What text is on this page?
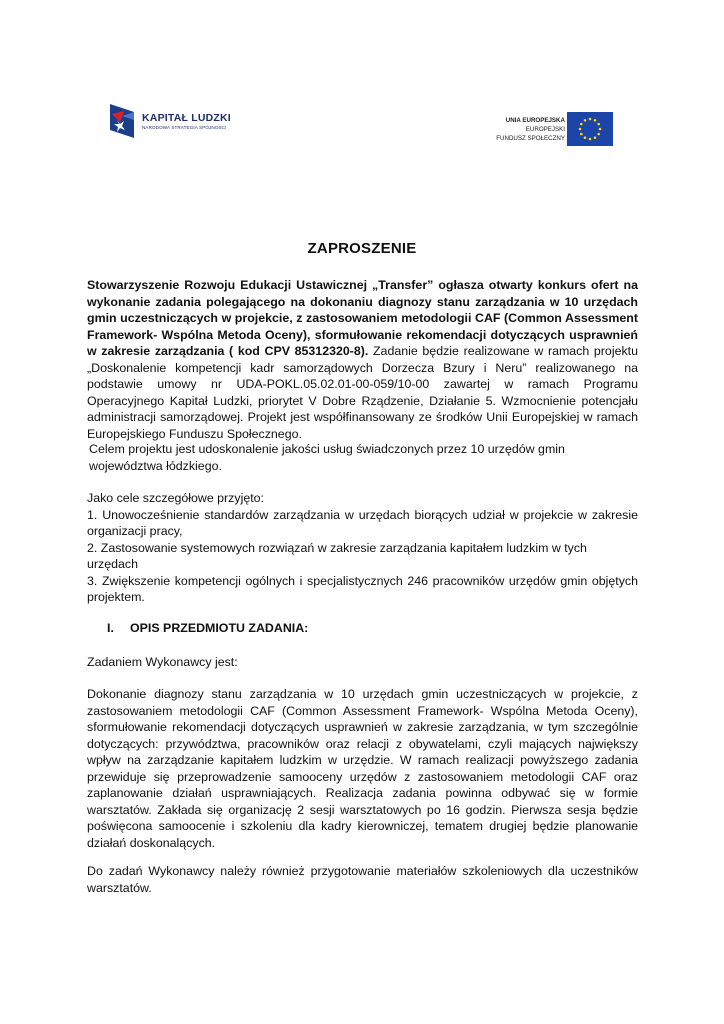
KAPITAŁ LUDZKI
NARODOWA STRATEGIA SPÓJNOŚCI
UNIA EUROPEJSKA
EUROPEJSKI
FUNDUSZ SPOŁECZNY
ZAPROSZENIE
Stowarzyszenie Rozwoju Edukacji Ustawicznej „Transfer” ogłasza otwarty konkurs ofert na wykonanie zadania polegającego na dokonaniu diagnozy stanu zarządzania w 10 urzędach gmin uczestniczących w projekcie, z zastosowaniem metodologii CAF (Common Assessment Framework- Wspólna Metoda Oceny), sformułowanie rekomendacji dotyczących usprawnień w zakresie zarządzania ( kod CPV 85312320-8). Zadanie będzie realizowane w ramach projektu „Doskonalenie kompetencji kadr samorządowych Dorzecza Bzury i Neru” realizowanego na podstawie umowy nr UDA-POKL.05.02.01-00-059/10-00 zawartej w ramach Programu Operacyjnego Kapitał Ludzki, priorytet V Dobre Rządzenie, Działanie 5. Wzmocnienie potencjału administracji samorządowej. Projekt jest współfinansowany ze środków Unii Europejskiej w ramach Europejskiego Funduszu Społecznego.
Celem projektu jest udoskonalenie jakości usług świadczonych przez 10 urzędów gmin województwa łódzkiego.
Jako cele szczegółowe przyjęto:
1. Unowocześnienie standardów zarządzania w urzędach biorących udział w projekcie w zakresie organizacji pracy,
2. Zastosowanie systemowych rozwiązań w zakresie zarządzania kapitałem ludzkim w tych urzędach
3. Zwiększenie kompetencji ogólnych i specjalistycznych 246 pracowników urzędów gmin objętych projektem.
I. OPIS PRZEDMIOTU ZADANIA:
Zadaniem Wykonawcy jest:
Dokonanie diagnozy stanu zarządzania w 10 urzędach gmin uczestniczących w projekcie, z zastosowaniem metodologii CAF (Common Assessment Framework- Wspólna Metoda Oceny), sformułowanie rekomendacji dotyczących usprawnień w zakresie zarządzania, w tym szczególnie dotyczących: przywództwa, pracowników oraz relacji z obywatelami, czyli mających największy wpływ na zarządzanie kapitałem ludzkim w urzędzie. W ramach realizacji powyższego zadania przewiduje się przeprowadzenie samooceny urzędów z zastosowaniem metodologii CAF oraz zaplanowanie działań usprawniających. Realizacja zadania powinna odbywać się w formie warsztatów. Zakłada się organizację 2 sesji warsztatowych po 16 godzin. Pierwsza sesja będzie poświęcona samoocenie i szkoleniu dla kadry kierowniczej, tematem drugiej będzie planowanie działań doskonalących.
Do zadań Wykonawcy należy również przygotowanie materiałów szkoleniowych dla uczestników warsztatów.
